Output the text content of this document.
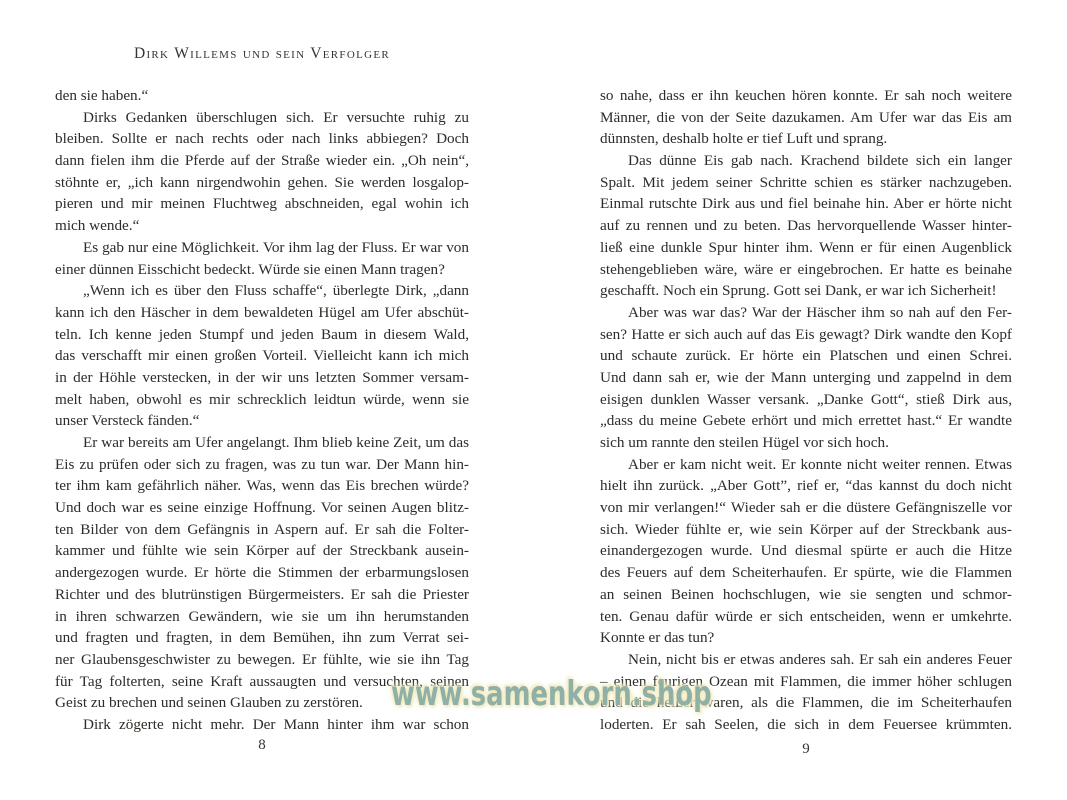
Dirk Willems und sein Verfolger
den sie haben.“
Dirks Gedanken überschlugen sich. Er versuchte ruhig zu
bleiben. Sollte er nach rechts oder nach links abbiegen? Doch
dann fielen ihm die Pferde auf der Straße wieder ein. „Oh nein“,
stöhnte er, „ich kann nirgendwohin gehen. Sie werden losgalop-
pieren und mir meinen Fluchtweg abschneiden, egal wohin ich
mich wende.“
Es gab nur eine Möglichkeit. Vor ihm lag der Fluss. Er war von
einer dünnen Eisschicht bedeckt. Würde sie einen Mann tragen?
„Wenn ich es über den Fluss schaffe“, überlegte Dirk, „dann
kann ich den Häscher in dem bewaldeten Hügel am Ufer abschüt-
teln. Ich kenne jeden Stumpf und jeden Baum in diesem Wald,
das verschafft mir einen großen Vorteil. Vielleicht kann ich mich
in der Höhle verstecken, in der wir uns letzten Sommer versam-
melt haben, obwohl es mir schrecklich leidtun würde, wenn sie
unser Versteck fänden.“
Er war bereits am Ufer angelangt. Ihm blieb keine Zeit, um das
Eis zu prüfen oder sich zu fragen, was zu tun war. Der Mann hin-
ter ihm kam gefährlich näher. Was, wenn das Eis brechen würde?
Und doch war es seine einzige Hoffnung. Vor seinen Augen blitz-
ten Bilder von dem Gefängnis in Aspern auf. Er sah die Folter-
kammer und fühlte wie sein Körper auf der Streckbank ausein-
andergezogen wurde. Er hörte die Stimmen der erbarmungslosen
Richter und des blutrünstigen Bürgermeisters. Er sah die Priester
in ihren schwarzen Gewändern, wie sie um ihn herumstanden
und fragten und fragten, in dem Bemühen, ihn zum Verrat sei-
ner Glaubensgeschwister zu bewegen. Er fühlte, wie sie ihn Tag
für Tag folterten, seine Kraft aussaugten und versuchten, seinen
Geist zu brechen und seinen Glauben zu zerstören.
Dirk zögerte nicht mehr. Der Mann hinter ihm war schon
so nahe, dass er ihn keuchen hören konnte. Er sah noch weitere
Männer, die von der Seite dazukamen. Am Ufer war das Eis am
dünnsten, deshalb holte er tief Luft und sprang.
Das dünne Eis gab nach. Krachend bildete sich ein langer
Spalt. Mit jedem seiner Schritte schien es stärker nachzugeben.
Einmal rutschte Dirk aus und fiel beinahe hin. Aber er hörte nicht
auf zu rennen und zu beten. Das hervorquellende Wasser hinter-
ließ eine dunkle Spur hinter ihm. Wenn er für einen Augenblick
stehengeblieben wäre, wäre er eingebrochen. Er hatte es beinahe
geschafft. Noch ein Sprung. Gott sei Dank, er war ich Sicherheit!
Aber was war das? War der Häscher ihm so nah auf den Fer-
sen? Hatte er sich auch auf das Eis gewagt? Dirk wandte den Kopf
und schaute zurück. Er hörte ein Platschen und einen Schrei.
Und dann sah er, wie der Mann unterging und zappelnd in dem
eisigen dunklen Wasser versank. „Danke Gott“, stieß Dirk aus,
„dass du meine Gebete erhört und mich errettet hast.“ Er wandte
sich um rannte den steilen Hügel vor sich hoch.
Aber er kam nicht weit. Er konnte nicht weiter rennen. Etwas
hielt ihn zurück. „Aber Gott”, rief er, “das kannst du doch nicht
von mir verlangen!“ Wieder sah er die düstere Gefängniszelle vor
sich. Wieder fühlte er, wie sein Körper auf der Streckbank aus-
einandergezogen wurde. Und diesmal spürte er auch die Hitze
des Feuers auf dem Scheiterhaufen. Er spürte, wie die Flammen
an seinen Beinen hochschlugen, wie sie sengten und schmor-
ten. Genau dafür würde er sich entscheiden, wenn er umkehrte.
Konnte er das tun?
Nein, nicht bis er etwas anderes sah. Er sah ein anderes Feuer
– einen feurigen Ozean mit Flammen, die immer höher schlugen
und die heißer waren, als die Flammen, die im Scheiterhaufen
loderten. Er sah Seelen, die sich in dem Feuersee krümmten.
8	9
www.samenkorn.shop
